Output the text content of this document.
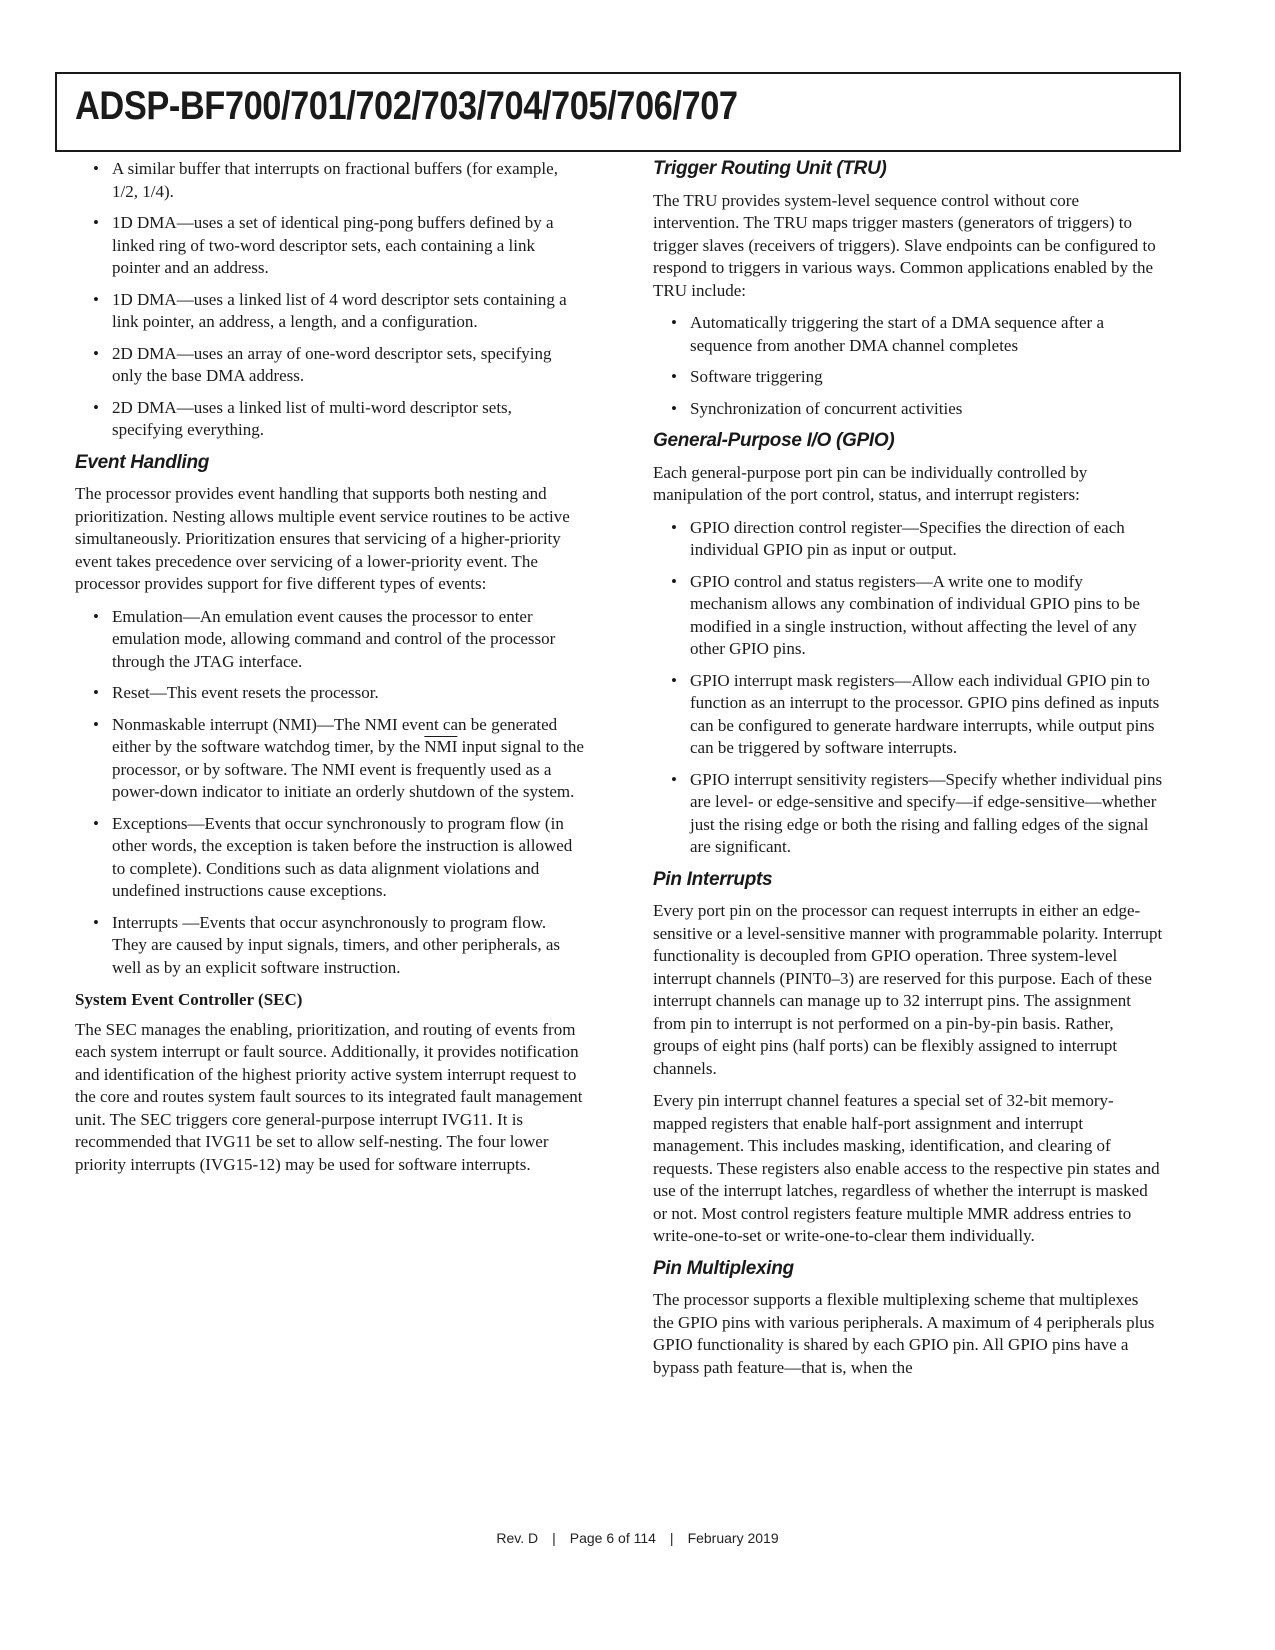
ADSP-BF700/701/702/703/704/705/706/707
• A similar buffer that interrupts on fractional buffers (for example, 1/2, 1/4).
• 1D DMA—uses a set of identical ping-pong buffers defined by a linked ring of two-word descriptor sets, each containing a link pointer and an address.
• 1D DMA—uses a linked list of 4 word descriptor sets containing a link pointer, an address, a length, and a configuration.
• 2D DMA—uses an array of one-word descriptor sets, specifying only the base DMA address.
• 2D DMA—uses a linked list of multi-word descriptor sets, specifying everything.
Event Handling

The processor provides event handling that supports both nesting and prioritization. Nesting allows multiple event service routines to be active simultaneously. Prioritization ensures that servicing of a higher-priority event takes precedence over servicing of a lower-priority event. The processor provides support for five different types of events:

• Emulation—An emulation event causes the processor to enter emulation mode, allowing command and control of the processor through the JTAG interface.
• Reset—This event resets the processor.
• Nonmaskable interrupt (NMI)—The NMI event can be generated either by the software watchdog timer, by the $\overline{NMI}$ input signal to the processor, or by software. The NMI event is frequently used as a power-down indicator to initiate an orderly shutdown of the system.
• Exceptions—Events that occur synchronously to program flow (in other words, the exception is taken before the instruction is allowed to complete). Conditions such as data alignment violations and undefined instructions cause exceptions.
• Interrupts —Events that occur asynchronously to program flow. They are caused by input signals, timers, and other peripherals, as well as by an explicit software instruction.
System Event Controller (SEC)

The SEC manages the enabling, prioritization, and routing of events from each system interrupt or fault source. Additionally, it provides notification and identification of the highest priority active system interrupt request to the core and routes system fault sources to its integrated fault management unit. The SEC triggers core general-purpose interrupt IVG11. It is recommended that IVG11 be set to allow self-nesting. The four lower priority interrupts (IVG15-12) may be used for software interrupts.

Trigger Routing Unit (TRU)

The TRU provides system-level sequence control without core intervention. The TRU maps trigger masters (generators of triggers) to trigger slaves (receivers of triggers). Slave endpoints can be configured to respond to triggers in various ways. Common applications enabled by the TRU include:

• Automatically triggering the start of a DMA sequence after a sequence from another DMA channel completes
• Software triggering
• Synchronization of concurrent activities
General-Purpose I/O (GPIO)

Each general-purpose port pin can be individually controlled by manipulation of the port control, status, and interrupt registers:

• GPIO direction control register—Specifies the direction of each individual GPIO pin as input or output.
• GPIO control and status registers—A write one to modify mechanism allows any combination of individual GPIO pins to be modified in a single instruction, without affecting the level of any other GPIO pins.
• GPIO interrupt mask registers—Allow each individual GPIO pin to function as an interrupt to the processor. GPIO pins defined as inputs can be configured to generate hardware interrupts, while output pins can be triggered by software interrupts.
• GPIO interrupt sensitivity registers—Specify whether individual pins are level- or edge-sensitive and specify—if edge-sensitive—whether just the rising edge or both the rising and falling edges of the signal are significant.
Pin Interrupts

Every port pin on the processor can request interrupts in either an edge-sensitive or a level-sensitive manner with programmable polarity. Interrupt functionality is decoupled from GPIO operation. Three system-level interrupt channels (PINT0–3) are reserved for this purpose. Each of these interrupt channels can manage up to 32 interrupt pins. The assignment from pin to interrupt is not performed on a pin-by-pin basis. Rather, groups of eight pins (half ports) can be flexibly assigned to interrupt channels.

Every pin interrupt channel features a special set of 32-bit memory-mapped registers that enable half-port assignment and interrupt management. This includes masking, identification, and clearing of requests. These registers also enable access to the respective pin states and use of the interrupt latches, regardless of whether the interrupt is masked or not. Most control registers feature multiple MMR address entries to write-one-to-set or write-one-to-clear them individually.

Pin Multiplexing

The processor supports a flexible multiplexing scheme that multiplexes the GPIO pins with various peripherals. A maximum of 4 peripherals plus GPIO functionality is shared by each GPIO pin. All GPIO pins have a bypass path feature—that is, when the

Rev. D | Page 6 of 114 | February 2019
